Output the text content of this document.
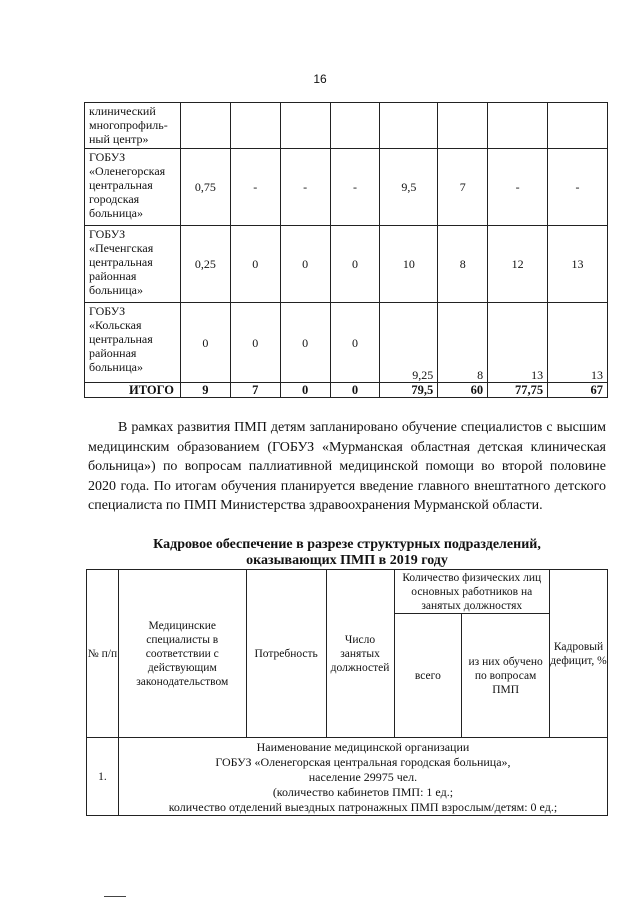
16
клинический
многопрофиль-
ный центр»								

ГОБУЗ
«Оленегорская
центральная
городская
больница»	0,75	-	-	-	9,5	7	-	-

ГОБУЗ
«Печенгская
центральная
районная
больница»	0,25	0	0	0	10	8	12	13

ГОБУЗ
«Кольская
центральная
районная
больница»	0	0	0	0	9,25	8	13	13
ИТОГО	9	7	0	0	79,5	60	77,75	67

В рамках развития ПМП детям запланировано обучение специалистов с высшим медицинским образованием (ГОБУЗ «Мурманская областная детская клиническая больница») по вопросам паллиативной медицинской помощи во второй половине 2020 года. По итогам обучения планируется введение главного внештатного детского специалиста по ПМП Министерства здравоохранения Мурманской области.

Кадровое обеспечение в разрезе структурных подразделений,
оказывающих ПМП в 2019 году
№ п/п	Медицинские специалисты в соответствии с действующим законодательством	Потребность	Число занятых должностей	Количество физических лиц основных работников на занятых должностях		Кадровый дефицит, %
				всего	из них обучено по вопросам ПМП	
1.	Наименование медицинской организации
ГОБУЗ «Оленегорская центральная городская больница»,
население 29975 чел.
(количество кабинетов ПМП: 1 ед.;
количество отделений выездных патронажных ПМП взрослым/детям: 0 ед.;					
